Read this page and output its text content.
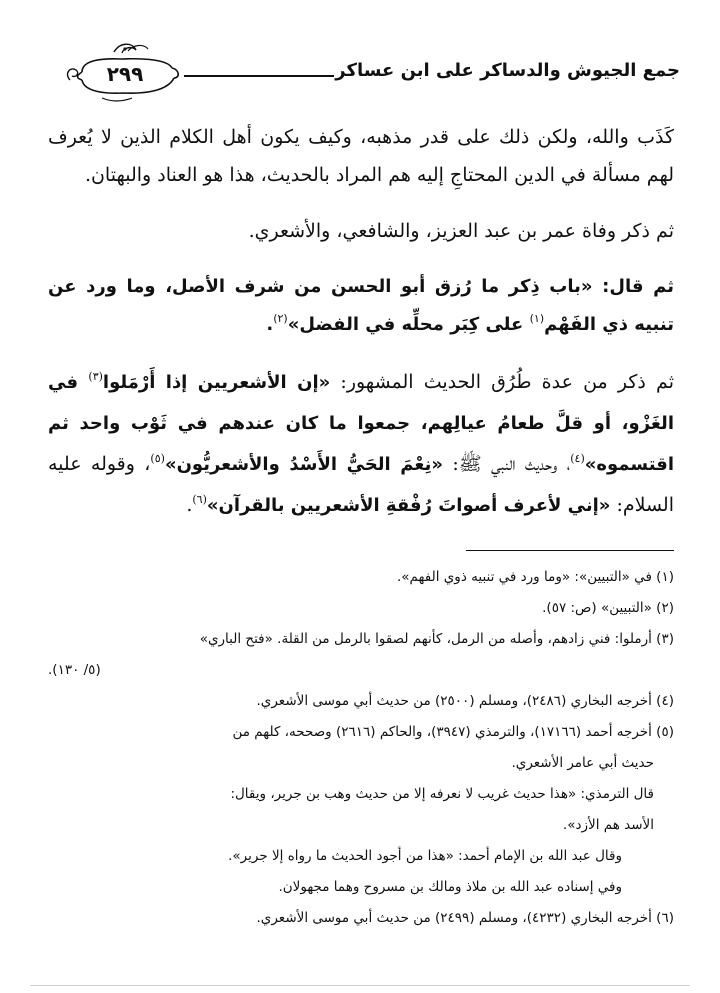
جمع الجيوش والدساكر على ابن عساكر
٢٩٩

كَذَب والله، ولكن ذلك على قدر مذهبه، وكيف يكون أهل الكلام الذين لا يُعرف لهم مسألة في الدين المحتاجِ إليه هم المراد بالحديث، هذا هو العناد والبهتان.

ثم ذكر وفاة عمر بن عبد العزيز، والشافعي، والأشعري.

ثم قال: «باب ذِكر ما رُزق أبو الحسن من شرف الأصل، وما ورد عن تنبيه ذي الفَهْم$^{(١)}$ على كِبَر محلِّه في الفضل»$^{(٢)}$.

ثم ذكر من عدة طُرُق الحديث المشهور: «إن الأشعريين إذا أَرْمَلوا$^{(٣)}$ في الغَزْو، أو قلَّ طعامُ عيالِهم، جمعوا ما كان عندهم في ثَوْب واحد ثم اقتسموه»$^{(٤)}$، وحديث النبي ﷺ: «نِعْمَ الحَيُّ الأَسْدُ والأشعريُّون»$^{(٥)}$، وقوله عليه السلام: «إني لأعرف أصواتَ رُفْقةِ الأشعريين بالقرآن»$^{(٦)}$.

(١) في «التبيين»: «وما ورد في تنبيه ذوي الفهم».

(٢) «التبيين» (ص: ٥٧).

(٣) أرملوا: فني زادهم، وأصله من الرمل، كأنهم لصقوا بالرمل من القلة. «فتح الباري»
(٥/ ١٣٠).

(٤) أخرجه البخاري (٢٤٨٦)، ومسلم (٢٥٠٠) من حديث أبي موسى الأشعري.

(٥) أخرجه أحمد (١٧١٦٦)، والترمذي (٣٩٤٧)، والحاكم (٢٦١٦) وصححه، كلهم من

حديث أبي عامر الأشعري.

قال الترمذي: «هذا حديث غريب لا نعرفه إلا من حديث وهب بن جرير، ويقال:

الأسد هم الأزد».

وقال عبد الله بن الإمام أحمد: «هذا من أجود الحديث ما رواه إلا جرير».

وفي إسناده عبد الله بن ملاذ ومالك بن مسروح وهما مجهولان.

(٦) أخرجه البخاري (٤٢٣٢)، ومسلم (٢٤٩٩) من حديث أبي موسى الأشعري.
